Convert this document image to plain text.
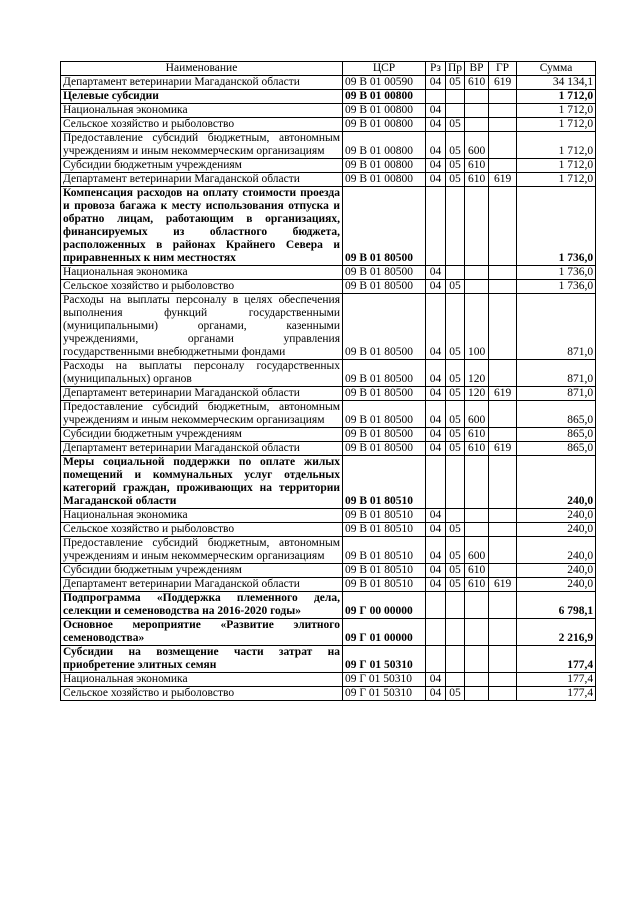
Наименование	ЦСР	Рз	Пр	ВР	ГР	Сумма
Департамент ветеринарии Магаданской области	09 В 01 00590	04	05	610	619	34 134,1
Целевые субсидии	09 В 01 00800					1 712,0
Национальная экономика	09 В 01 00800	04				1 712,0
Сельское хозяйство и рыболовство	09 В 01 00800	04	05			1 712,0
Предоставление субсидий бюджетным, автономным учреждениям и иным некоммерческим организациям	09 В 01 00800	04	05	600		1 712,0
Субсидии бюджетным учреждениям	09 В 01 00800	04	05	610		1 712,0
Департамент ветеринарии Магаданской области	09 В 01 00800	04	05	610	619	1 712,0
Компенсация расходов на оплату стоимости проезда и провоза багажа к месту использования отпуска и обратно лицам, работающим в организациях, финансируемых из областного бюджета, расположенных в районах Крайнего Севера и приравненных к ним местностях	09 В 01 80500					1 736,0
Национальная экономика	09 В 01 80500	04				1 736,0
Сельское хозяйство и рыболовство	09 В 01 80500	04	05			1 736,0
Расходы на выплаты персоналу в целях обеспечения выполнения функций государственными (муниципальными) органами, казенными учреждениями, органами управления государственными внебюджетными фондами	09 В 01 80500	04	05	100		871,0
Расходы на выплаты персоналу государственных (муниципальных) органов	09 В 01 80500	04	05	120		871,0
Департамент ветеринарии Магаданской области	09 В 01 80500	04	05	120	619	871,0
Предоставление субсидий бюджетным, автономным учреждениям и иным некоммерческим организациям	09 В 01 80500	04	05	600		865,0
Субсидии бюджетным учреждениям	09 В 01 80500	04	05	610		865,0
Департамент ветеринарии Магаданской области	09 В 01 80500	04	05	610	619	865,0
Меры социальной поддержки по оплате жилых помещений и коммунальных услуг отдельных категорий граждан, проживающих на территории Магаданской области	09 В 01 80510					240,0
Национальная экономика	09 В 01 80510	04				240,0
Сельское хозяйство и рыболовство	09 В 01 80510	04	05			240,0
Предоставление субсидий бюджетным, автономным учреждениям и иным некоммерческим организациям	09 В 01 80510	04	05	600		240,0
Субсидии бюджетным учреждениям	09 В 01 80510	04	05	610		240,0
Департамент ветеринарии Магаданской области	09 В 01 80510	04	05	610	619	240,0
Подпрограмма «Поддержка племенного дела, селекции и семеноводства на 2016-2020 годы»	09 Г 00 00000					6 798,1
Основное мероприятие «Развитие элитного семеноводства»	09 Г 01 00000					2 216,9
Субсидии на возмещение части затрат на приобретение элитных семян	09 Г 01 50310					177,4
Национальная экономика	09 Г 01 50310	04				177,4
Сельское хозяйство и рыболовство	09 Г 01 50310	04	05			177,4
